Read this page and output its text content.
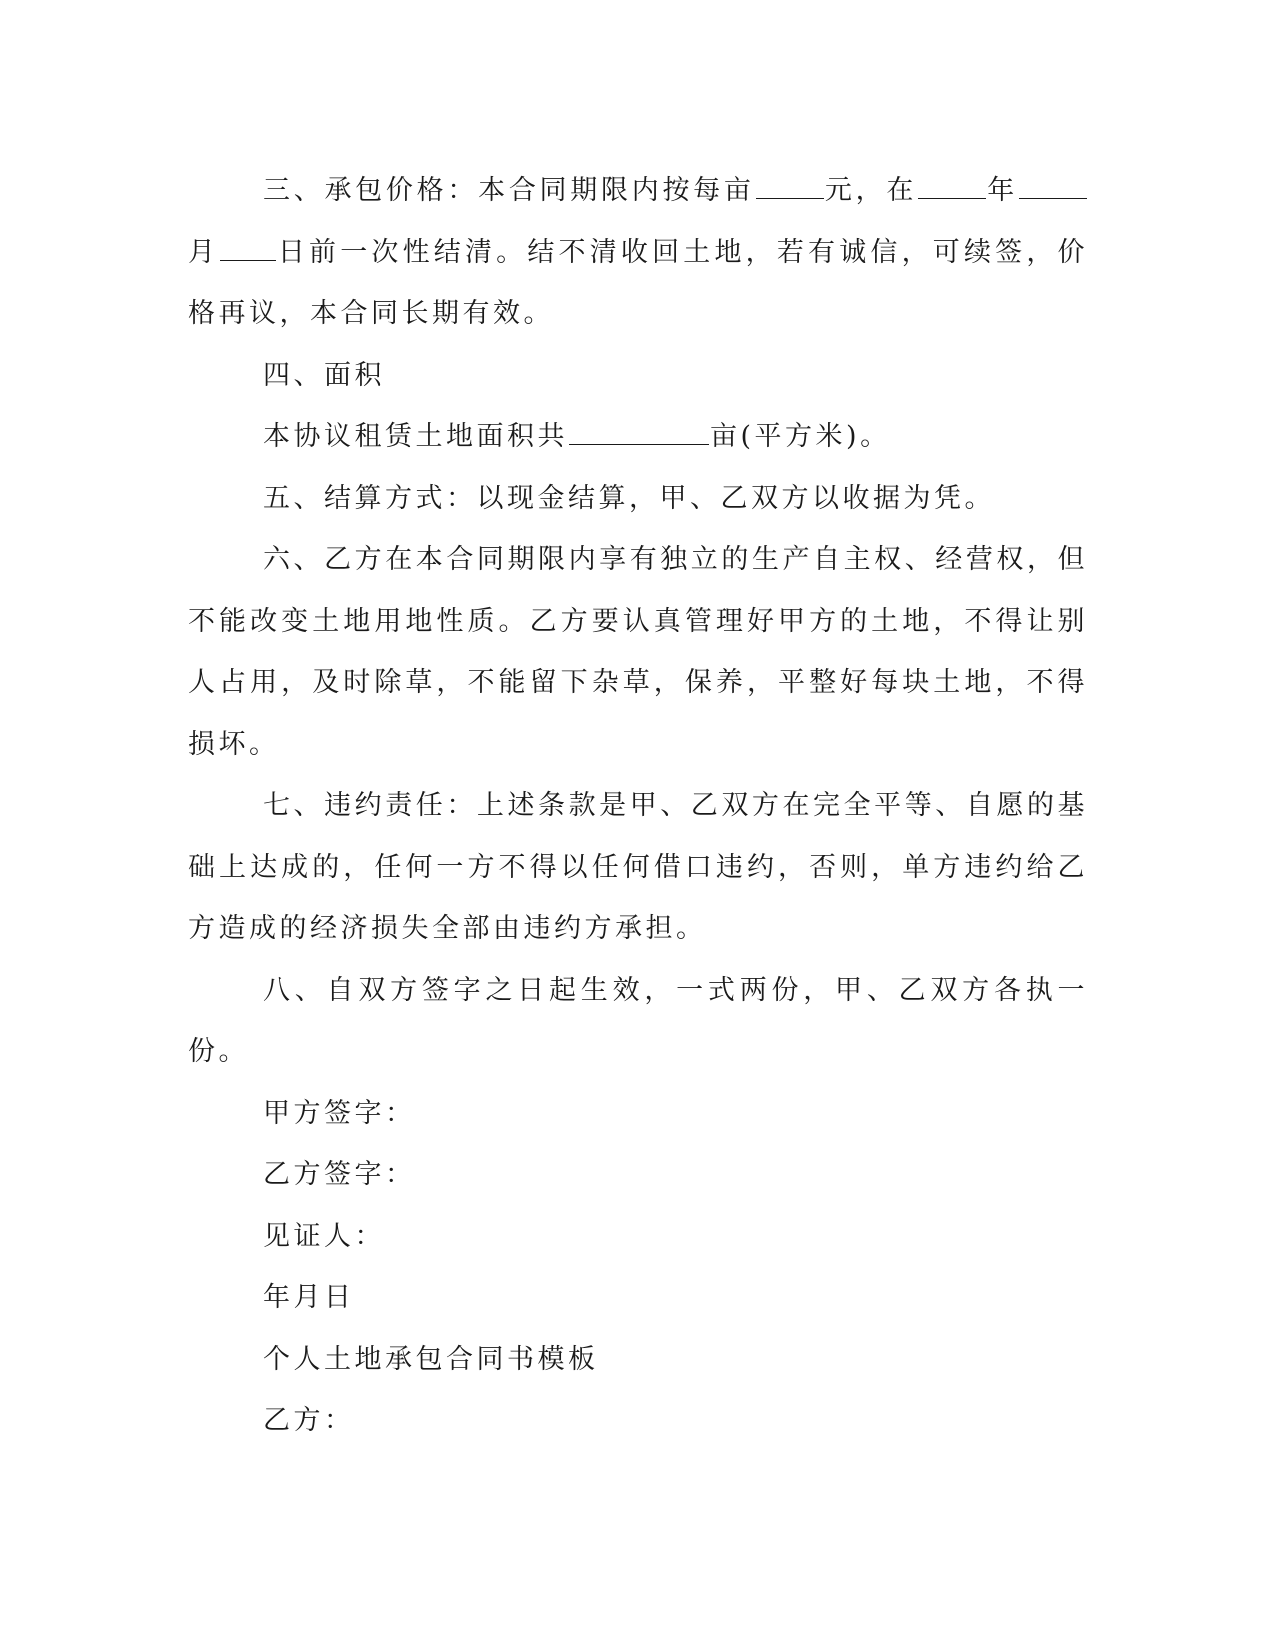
三、承包价格：本合同期限内按每亩	元，在	年月 日前一次性结清。结不清收回土地，若有诚信，可续签，价格再议，本合同长期有效。

四、面积

本协议租赁土地面积共	亩(平方米)。

五、结算方式：以现金结算，甲、乙双方以收据为凭。

六、乙方在本合同期限内享有独立的生产自主权、经营权，但不能改变土地用地性质。乙方要认真管理好甲方的土地，不得让别人占用，及时除草，不能留下杂草，保养，平整好每块土地，不得损坏。

七、违约责任：上述条款是甲、乙双方在完全平等、自愿的基础上达成的，任何一方不得以任何借口违约，否则，单方违约给乙方造成的经济损失全部由违约方承担。

八、自双方签字之日起生效，一式两份，甲、乙双方各执一份。

甲方签字：

乙方签字：

见证人：

年月日

个人土地承包合同书模板

乙方：
